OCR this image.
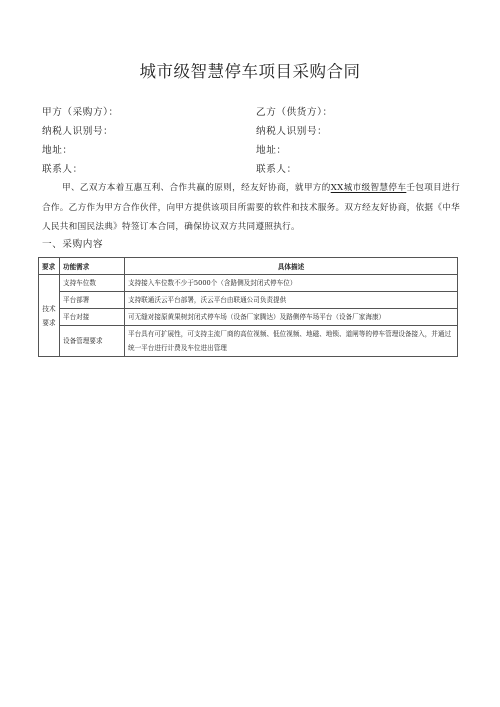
城市级智慧停车项目采购合同
甲方（采购方）：	乙方（供货方）：
纳税人识别号：	纳税人识别号：
地址：	地址：
联系人：	联系人：
甲、乙双方本着互惠互利、合作共赢的原则，经友好协商，就甲方的XX城市级智慧停车壬包项目进行合作。乙方作为甲方合作伙伴，向甲方提供该项目所需要的软件和技术服务。双方经友好协商，依据《中华人民共和国民法典》特签订本合同，确保协议双方共同遵照执行。
一、采购内容
要求	功能需求	具体描述
技术要求	支持车位数	支持接入车位数不少于5000个（含路侧及封闭式停车位）
	平台部署	支持联通沃云平台部署，沃云平台由联通公司负责提供
	平台对接	可无缝对接原黄果树封闭式停车场（设备厂家腾达）及路侧停车场平台（设备厂家海康）
	设备管理要求	平台具有可扩展性，可支持主流厂商的高位视频、低位视频、地磁、地锁、道闸等的停车管理设备接入，并通过统一平台进行计费及车位进出管理
